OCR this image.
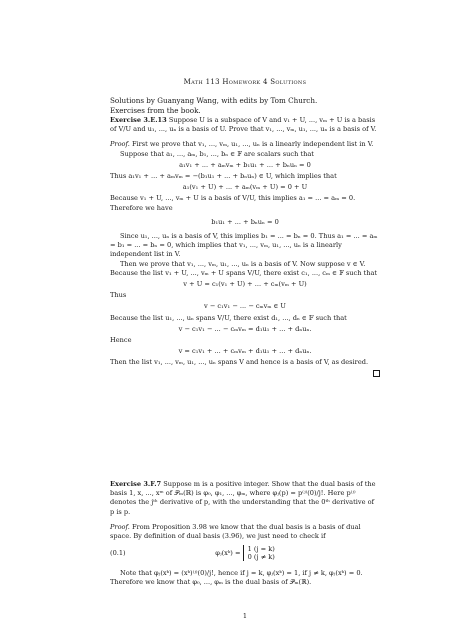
Math 113 Homework 4 Solutions
Solutions by Guanyang Wang, with edits by Tom Church.
Exercises from the book.
Exercise 3.E.13 Suppose U is a subspace of V and v₁ + U, ..., vₘ + U is a basis of V/U and u₁, ..., uₙ is a basis of U. Prove that v₁, ..., vₘ, u₁, ..., uₙ is a basis of V.
Proof. First we prove that v₁, ..., vₘ, u₁, ..., uₙ is a linearly independent list in V.
Suppose that a₁, ..., aₘ, b₁, ..., bₙ ∈ 𝔽 are scalars such that
a₁v₁ + ... + aₘvₘ + b₁u₁ + ... + bₙuₙ = 0
Thus a₁v₁ + ... + aₘvₘ = −(b₁u₁ + ... + bₙuₙ) ∈ U, which implies that
a₁(v₁ + U) + ... + aₘ(vₘ + U) = 0 + U
Because v₁ + U, ..., vₘ + U is a basis of V/U, this implies a₁ = ... = aₘ = 0. Therefore we have
b₁u₁ + ... + bₙuₙ = 0
Since u₁, ..., uₙ is a basis of V, this implies b₁ = ... = bₙ = 0. Thus a₁ = ... = aₘ = b₁ = ... = bₙ = 0, which implies that v₁, ..., vₘ, u₁, ..., uₙ is a linearly independent list in V.
Then we prove that v₁, ..., vₘ, u₁, ..., uₙ is a basis of V. Now suppose v ∈ V. Because the list v₁ + U, ..., vₘ + U spans V/U, there exist c₁, ..., cₘ ∈ 𝔽 such that
v + U = c₁(v₁ + U) + ... + cₘ(vₘ + U)
Thus
v − c₁v₁ − ... − cₘvₘ ∈ U
Because the list u₁, ..., uₙ spans V/U, there exist d₁, ..., dₙ ∈ 𝔽 such that
v − c₁v₁ − ... − cₘvₘ = d₁u₁ + ... + dₙuₙ.
Hence
v = c₁v₁ + ... + cₘvₘ + d₁u₁ + ... + dₙuₙ.
Then the list v₁, ..., vₘ, u₁, ..., uₙ spans V and hence is a basis of V, as desired.
Exercise 3.F.7 Suppose m is a positive integer. Show that the dual basis of the basis 1, x, ..., xᵐ of 𝒫ₘ(ℝ) is φ₀, φ₁, ..., φₘ, where φⱼ(p) = p⁽ʲ⁾(0)/j!. Here p⁽ʲ⁾ denotes the jᵗʰ derivative of p, with the understanding that the 0ᵗʰ derivative of p is p.
Proof. From Proposition 3.98 we know that the dual basis is a basis of dual space. By definition of dual basis (3.96), we just need to check if
(0.1)	φⱼ(xᵏ) = 1 (j = k)
0 (j ≠ k)
Note that φⱼ(xᵏ) = (xᵏ)⁽ʲ⁾(0)/j!, hence if j = k, φⱼ(xᵏ) = 1, if j ≠ k, φⱼ(xᵏ) = 0. Therefore we know that φ₀, ..., φₘ is the dual basis of 𝒫ₘ(ℝ).
1
